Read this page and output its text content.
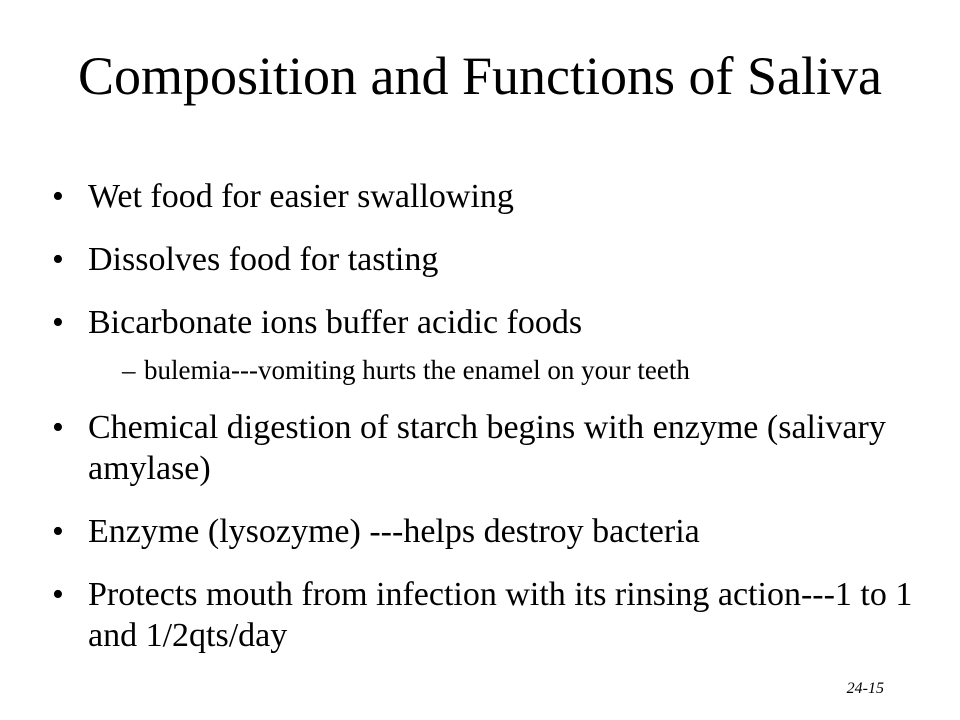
Composition and Functions of Saliva
• Wet food for easier swallowing
• Dissolves food for tasting
• Bicarbonate ions buffer acidic foods
– bulemia---vomiting hurts the enamel on your teeth
• Chemical digestion of starch begins with enzyme (salivary amylase)
• Enzyme (lysozyme) ---helps destroy bacteria
• Protects mouth from infection with its rinsing action---1 to 1 and 1/2qts/day
24-15
